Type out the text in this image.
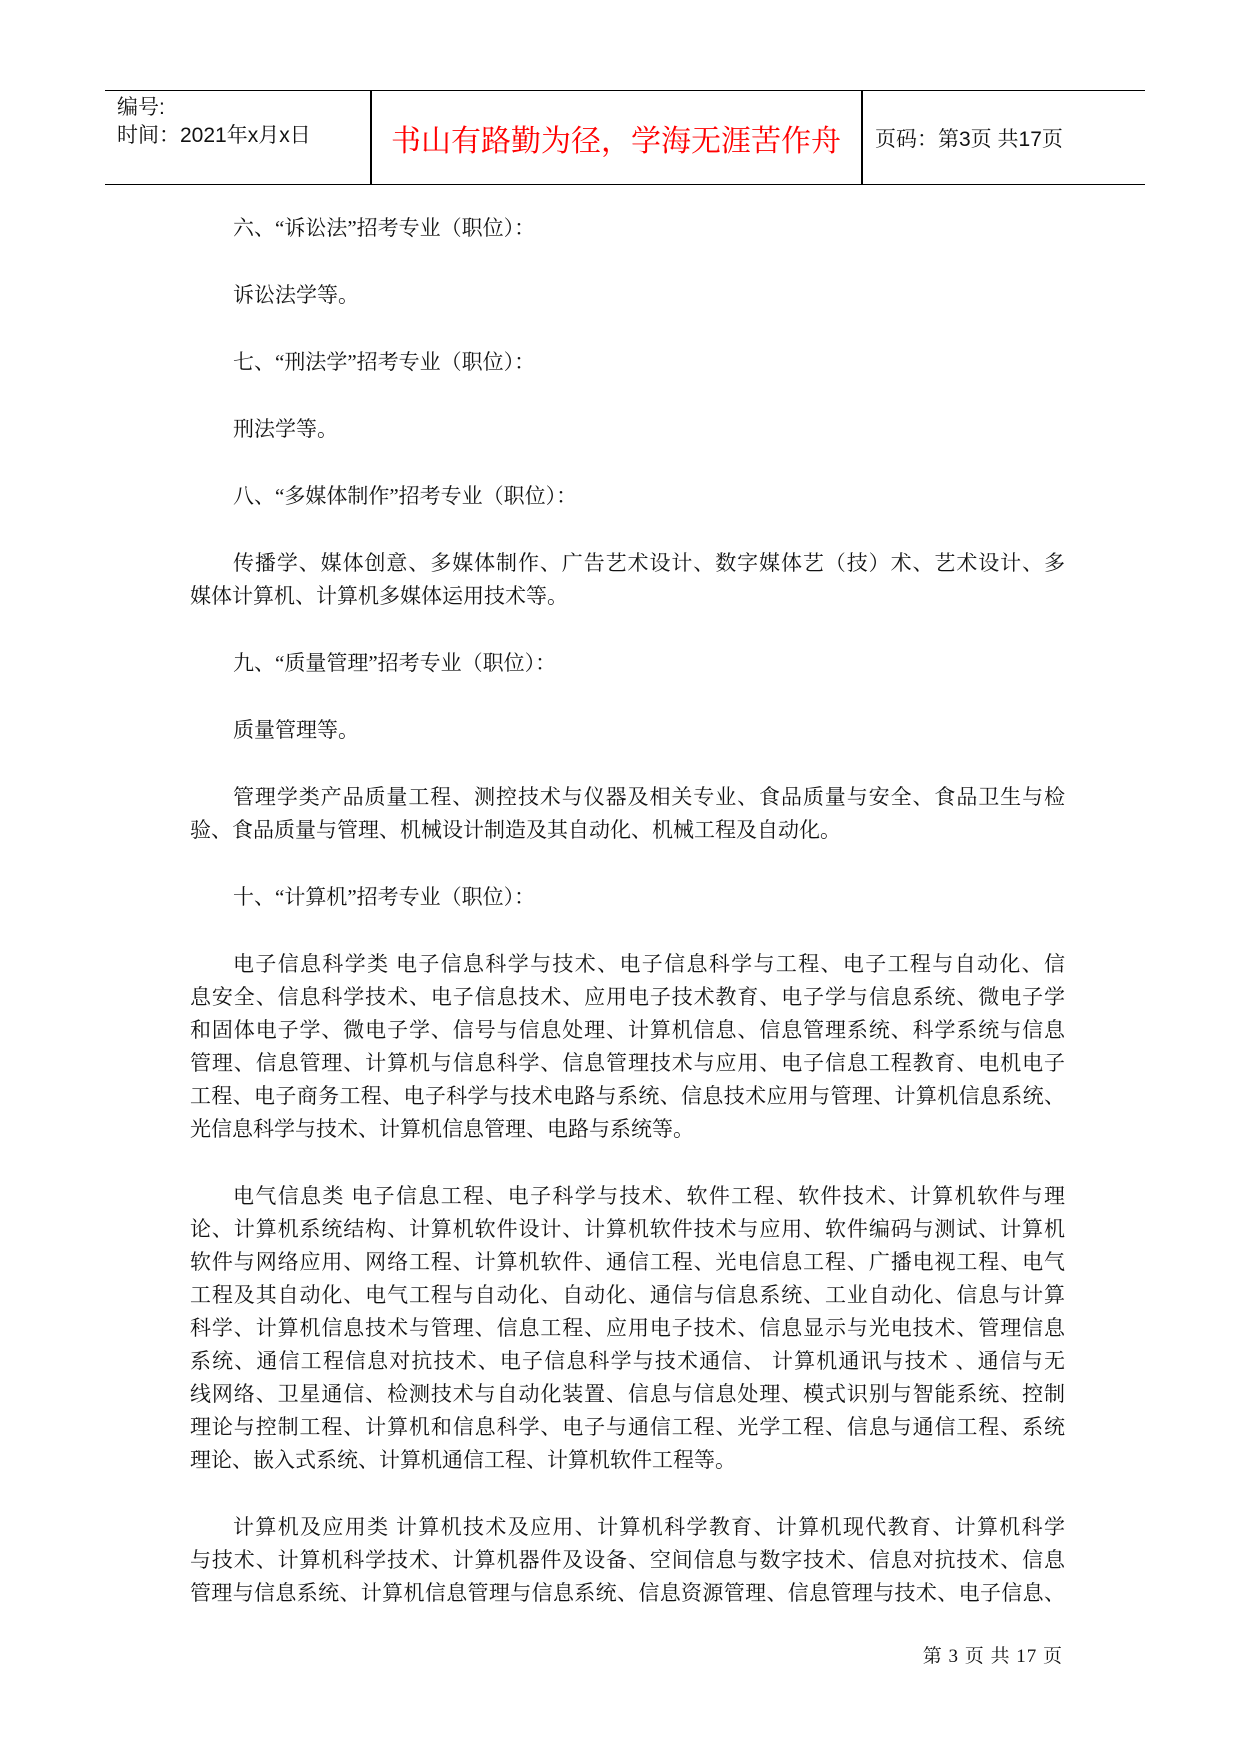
编号:
时间：2021年x月x日	书山有路勤为径，学海无涯苦作舟	页码：第3页 共17页
六、“诉讼法”招考专业（职位）：
诉讼法学等。
七、“刑法学”招考专业（职位）：
刑法学等。
八、“多媒体制作”招考专业（职位）：
传播学、媒体创意、多媒体制作、广告艺术设计、数字媒体艺（技）术、艺术设计、多
媒体计算机、计算机多媒体运用技术等。
九、“质量管理”招考专业（职位）：
质量管理等。
管理学类产品质量工程、测控技术与仪器及相关专业、食品质量与安全、食品卫生与检
验、食品质量与管理、机械设计制造及其自动化、机械工程及自动化。
十、“计算机”招考专业（职位）：
电子信息科学类 电子信息科学与技术、电子信息科学与工程、电子工程与自动化、信
息安全、信息科学技术、电子信息技术、应用电子技术教育、电子学与信息系统、微电子学
和固体电子学、微电子学、信号与信息处理、计算机信息、信息管理系统、科学系统与信息
管理、信息管理、计算机与信息科学、信息管理技术与应用、电子信息工程教育、电机电子
工程、电子商务工程、电子科学与技术电路与系统、信息技术应用与管理、计算机信息系统、
光信息科学与技术、计算机信息管理、电路与系统等。
电气信息类 电子信息工程、电子科学与技术、软件工程、软件技术、计算机软件与理
论、计算机系统结构、计算机软件设计、计算机软件技术与应用、软件编码与测试、计算机
软件与网络应用、网络工程、计算机软件、通信工程、光电信息工程、广播电视工程、电气
工程及其自动化、电气工程与自动化、自动化、通信与信息系统、工业自动化、信息与计算
科学、计算机信息技术与管理、信息工程、应用电子技术、信息显示与光电技术、管理信息
系统、通信工程信息对抗技术、电子信息科学与技术通信、 计算机通讯与技术 、通信与无
线网络、卫星通信、检测技术与自动化装置、信息与信息处理、模式识别与智能系统、控制
理论与控制工程、计算机和信息科学、电子与通信工程、光学工程、信息与通信工程、系统
理论、嵌入式系统、计算机通信工程、计算机软件工程等。
计算机及应用类 计算机技术及应用、计算机科学教育、计算机现代教育、计算机科学
与技术、计算机科学技术、计算机器件及设备、空间信息与数字技术、信息对抗技术、信息
管理与信息系统、计算机信息管理与信息系统、信息资源管理、信息管理与技术、电子信息、
第 3 页 共 17 页
